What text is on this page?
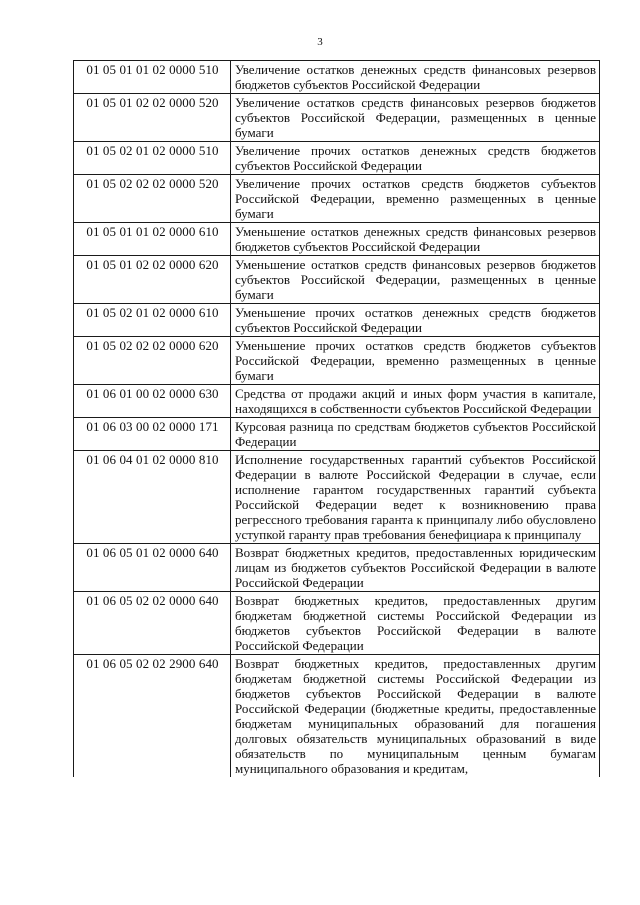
3
01 05 01 01 02 0000 510	Увеличение остатков денежных средств финансовых резервов бюджетов субъектов Российской Федерации
01 05 01 02 02 0000 520	Увеличение остатков средств финансовых резервов бюджетов субъектов Российской Федерации, размещенных в ценные бумаги
01 05 02 01 02 0000 510	Увеличение прочих остатков денежных средств бюджетов субъектов Российской Федерации
01 05 02 02 02 0000 520	Увеличение прочих остатков средств бюджетов субъектов Российской Федерации, временно размещенных в ценные бумаги
01 05 01 01 02 0000 610	Уменьшение остатков денежных средств финансовых резервов бюджетов субъектов Российской Федерации
01 05 01 02 02 0000 620	Уменьшение остатков средств финансовых резервов бюджетов субъектов Российской Федерации, размещенных в ценные бумаги
01 05 02 01 02 0000 610	Уменьшение прочих остатков денежных средств бюджетов субъектов Российской Федерации
01 05 02 02 02 0000 620	Уменьшение прочих остатков средств бюджетов субъектов Российской Федерации, временно размещенных в ценные бумаги
01 06 01 00 02 0000 630	Средства от продажи акций и иных форм участия в капитале, находящихся в собственности субъектов Российской Федерации
01 06 03 00 02 0000 171	Курсовая разница по средствам бюджетов субъектов Российской Федерации
01 06 04 01 02 0000 810	Исполнение государственных гарантий субъектов Российской Федерации в валюте Российской Федерации в случае, если исполнение гарантом государственных гарантий субъекта Российской Федерации ведет к возникновению права регрессного требования гаранта к принципалу либо обусловлено уступкой гаранту прав требования бенефициара к принципалу
01 06 05 01 02 0000 640	Возврат бюджетных кредитов, предоставленных юридическим лицам из бюджетов субъектов Российской Федерации в валюте Российской Федерации
01 06 05 02 02 0000 640	Возврат бюджетных кредитов, предоставленных другим бюджетам бюджетной системы Российской Федерации из бюджетов субъектов Российской Федерации в валюте Российской Федерации
01 06 05 02 02 2900 640	Возврат бюджетных кредитов, предоставленных другим бюджетам бюджетной системы Российской Федерации из бюджетов субъектов Российской Федерации в валюте Российской Федерации (бюджетные кредиты, предоставленные бюджетам муниципальных образований для погашения долговых обязательств муниципальных образований в виде обязательств по муниципальным ценным бумагам муниципального образования и кредитам,
